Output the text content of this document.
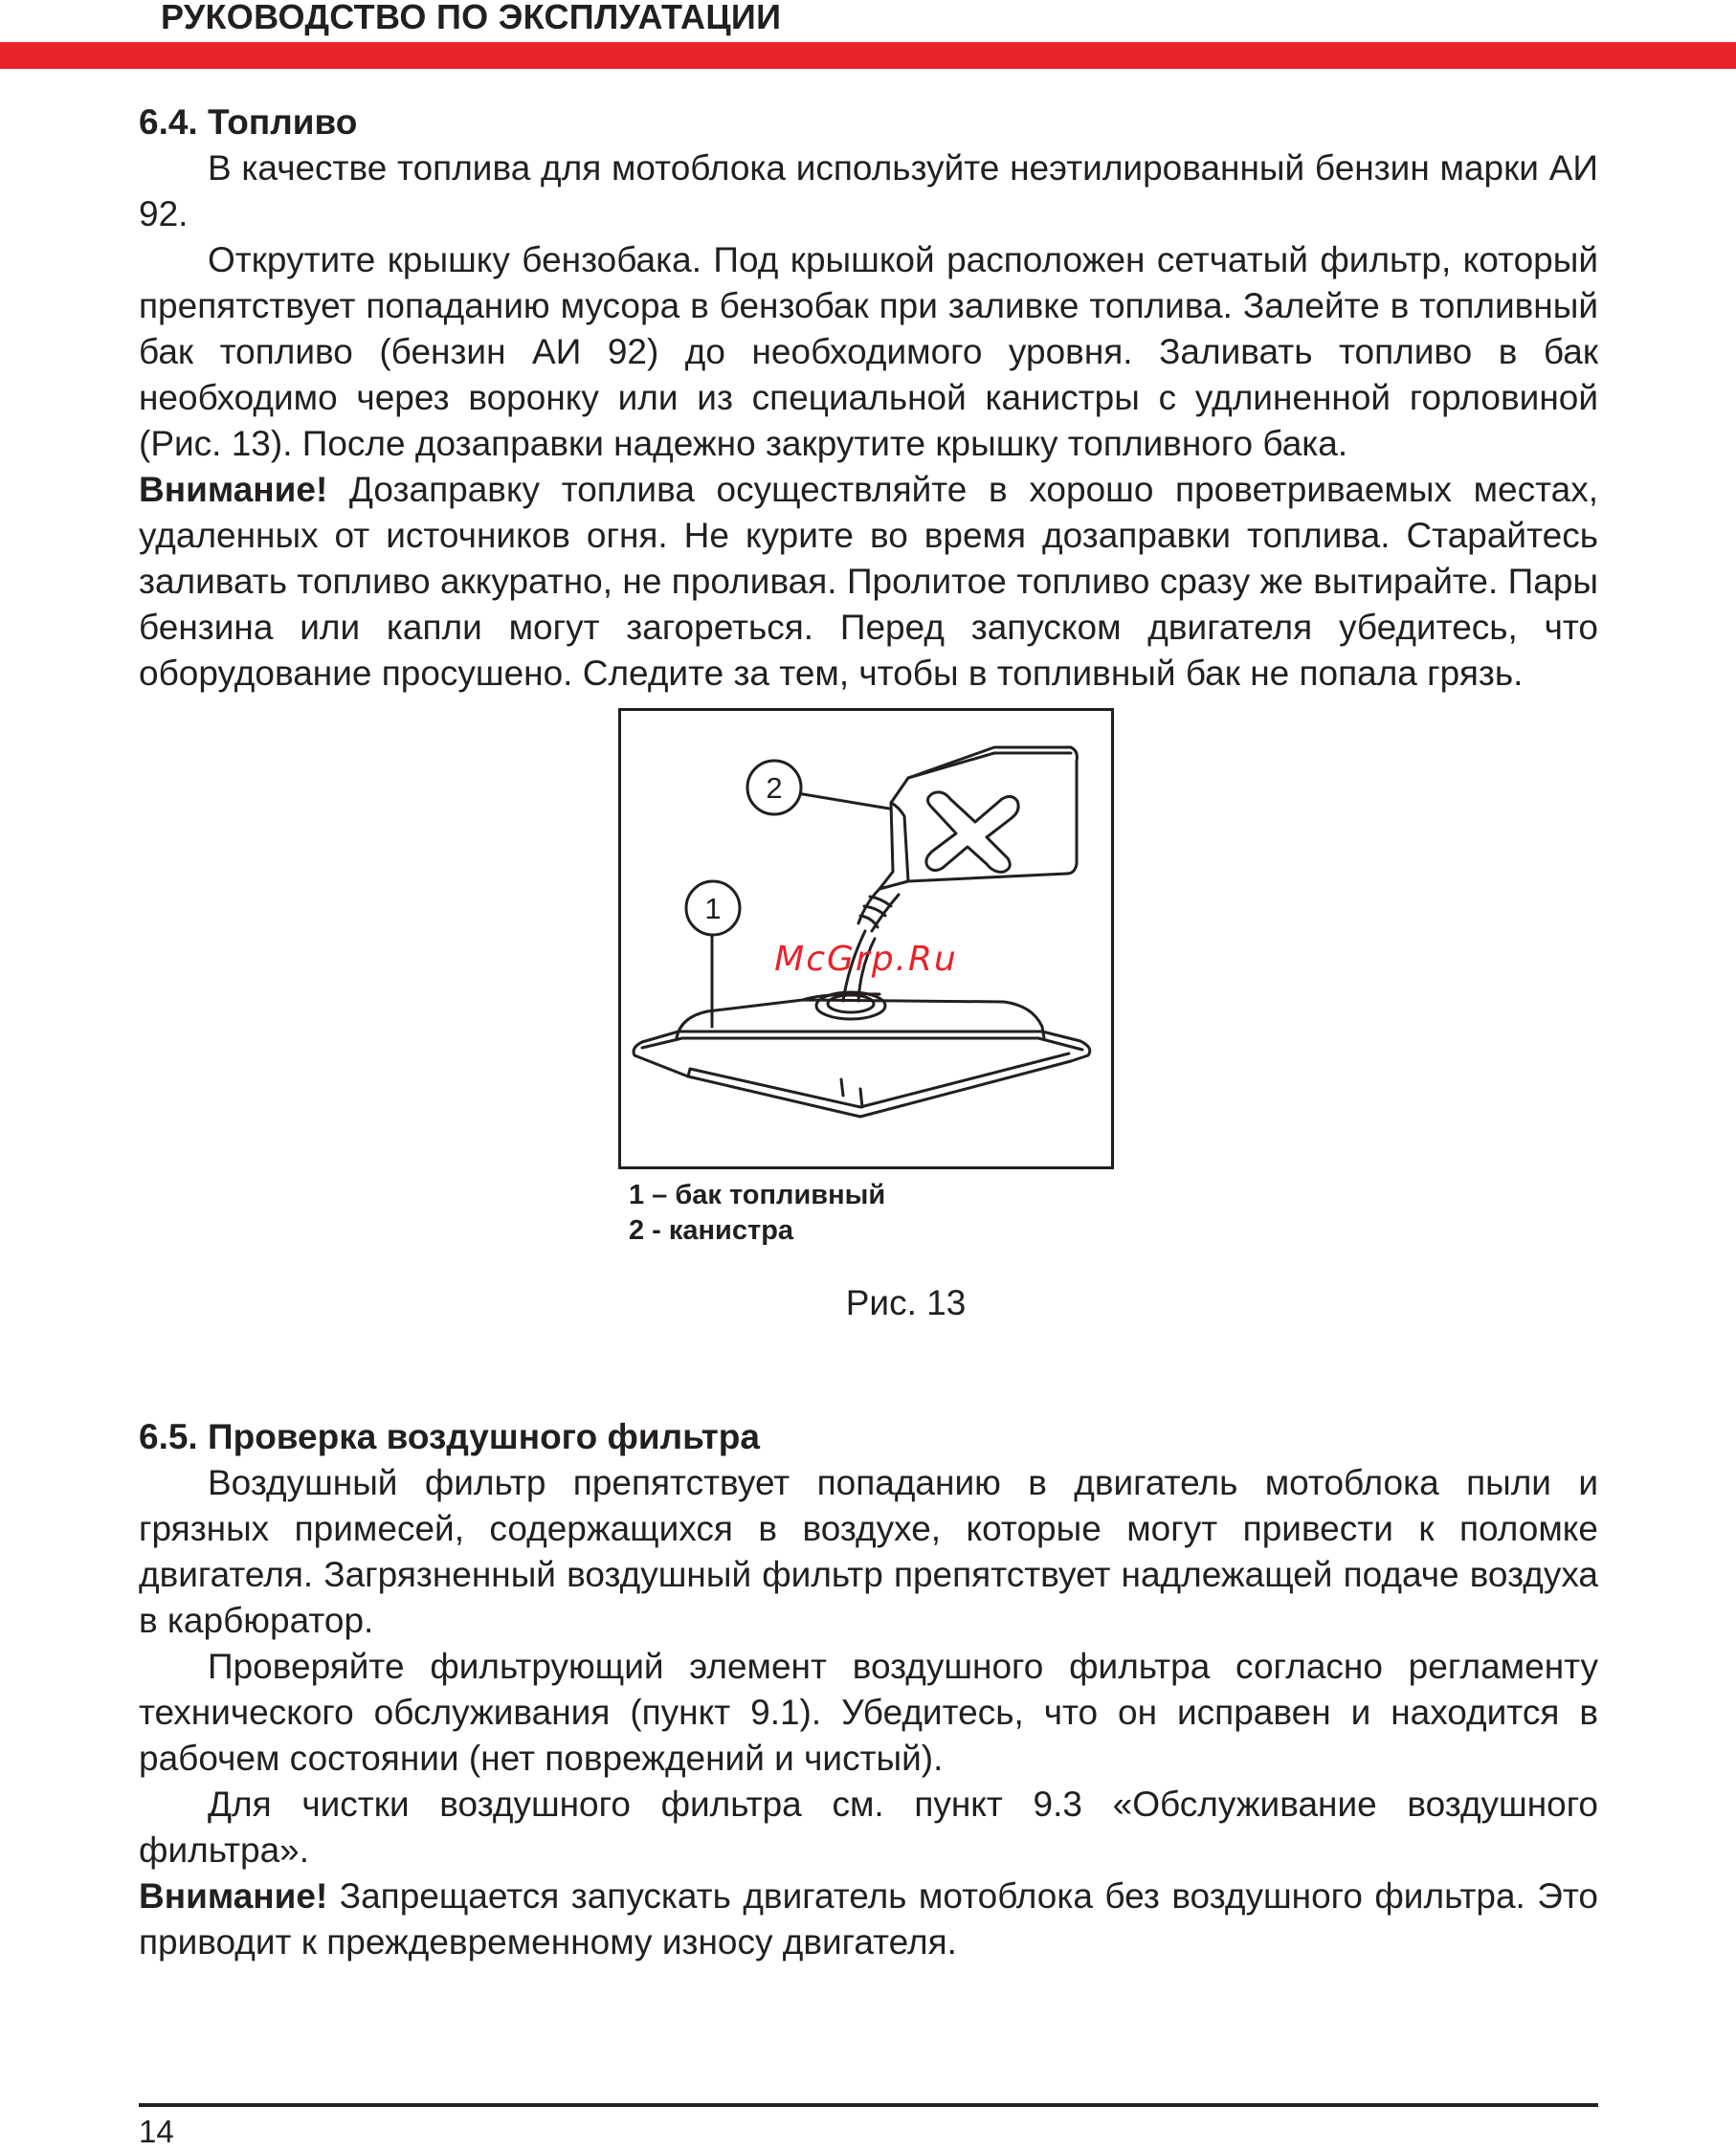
РУКОВОДСТВО ПО ЭКСПЛУАТАЦИИ
6.4. Топливо

В качестве топлива для мотоблока используйте неэтилированный бензин марки АИ 92.

Открутите крышку бензобака. Под крышкой расположен сетчатый фильтр, который препятствует попаданию мусора в бензобак при заливке топлива. Залейте в топливный бак топливо (бензин АИ 92) до необходимого уровня. Заливать топливо в бак необходимо через воронку или из специальной канистры с удлиненной горловиной (Рис. 13). После дозаправки надежно закрутите крышку топливного бака.

Внимание! Дозаправку топлива осуществляйте в хорошо проветриваемых местах, удаленных от источников огня. Не курите во время дозаправки топлива. Старайтесь заливать топливо аккуратно, не проливая. Пролитое топливо сразу же вытирайте. Пары бензина или капли могут загореться. Перед запуском двигателя убедитесь, что оборудование просушено. Следите за тем, чтобы в топливный бак не попала грязь.

2
1
McGrp.Ru
1 – бак топливный
2 - канистра
Рис. 13
6.5. Проверка воздушного фильтра

Воздушный фильтр препятствует попаданию в двигатель мотоблока пыли и грязных примесей, содержащихся в воздухе, которые могут привести к поломке двигателя. Загрязненный воздушный фильтр препятствует надлежащей подаче воздуха в карбюратор.

Проверяйте фильтрующий элемент воздушного фильтра согласно регламенту технического обслуживания (пункт 9.1). Убедитесь, что он исправен и находится в рабочем состоянии (нет повреждений и чистый).

Для чистки воздушного фильтра см. пункт 9.3 «Обслуживание воздушного фильтра».

Внимание! Запрещается запускать двигатель мотоблока без воздушного фильтра. Это приводит к преждевременному износу двигателя.

14
